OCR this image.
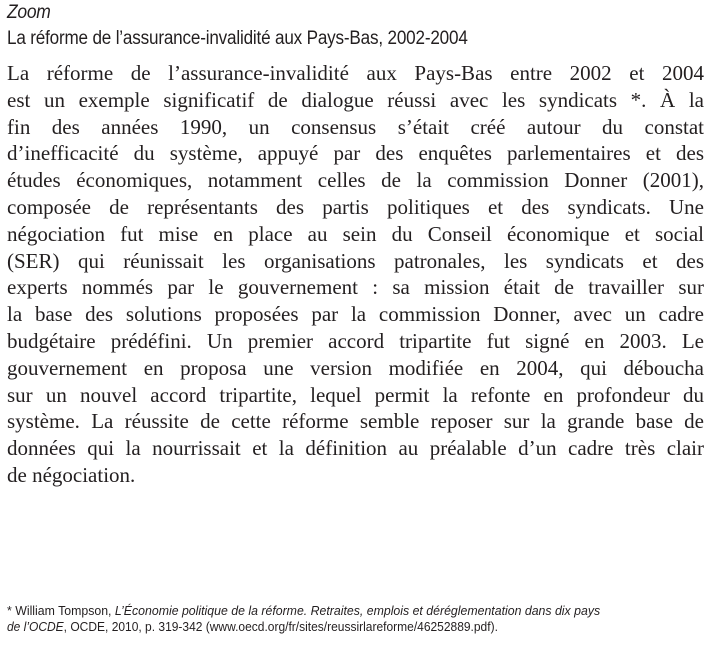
Zoom
La réforme de l’assurance-invalidité aux Pays-Bas, 2002-2004
La réforme de l’assurance-invalidité aux Pays-Bas entre 2002 et 2004
est un exemple significatif de dialogue réussi avec les syndicats *. À la
fin des années 1990, un consensus s’était créé autour du constat
d’inefficacité du système, appuyé par des enquêtes parlementaires et des
études économiques, notamment celles de la commission Donner (2001),
composée de représentants des partis politiques et des syndicats. Une
négociation fut mise en place au sein du Conseil économique et social
(SER) qui réunissait les organisations patronales, les syndicats et des
experts nommés par le gouvernement : sa mission était de travailler sur
la base des solutions proposées par la commission Donner, avec un cadre
budgétaire prédéfini. Un premier accord tripartite fut signé en 2003. Le
gouvernement en proposa une version modifiée en 2004, qui déboucha
sur un nouvel accord tripartite, lequel permit la refonte en profondeur du
système. La réussite de cette réforme semble reposer sur la grande base de
données qui la nourrissait et la définition au préalable d’un cadre très clair
de négociation.
* William Tompson, L’Économie politique de la réforme. Retraites, emplois et déréglementation dans dix pays
de l’OCDE, OCDE, 2010, p. 319-342 (www.oecd.org/fr/sites/reussirlareforme/46252889.pdf).
